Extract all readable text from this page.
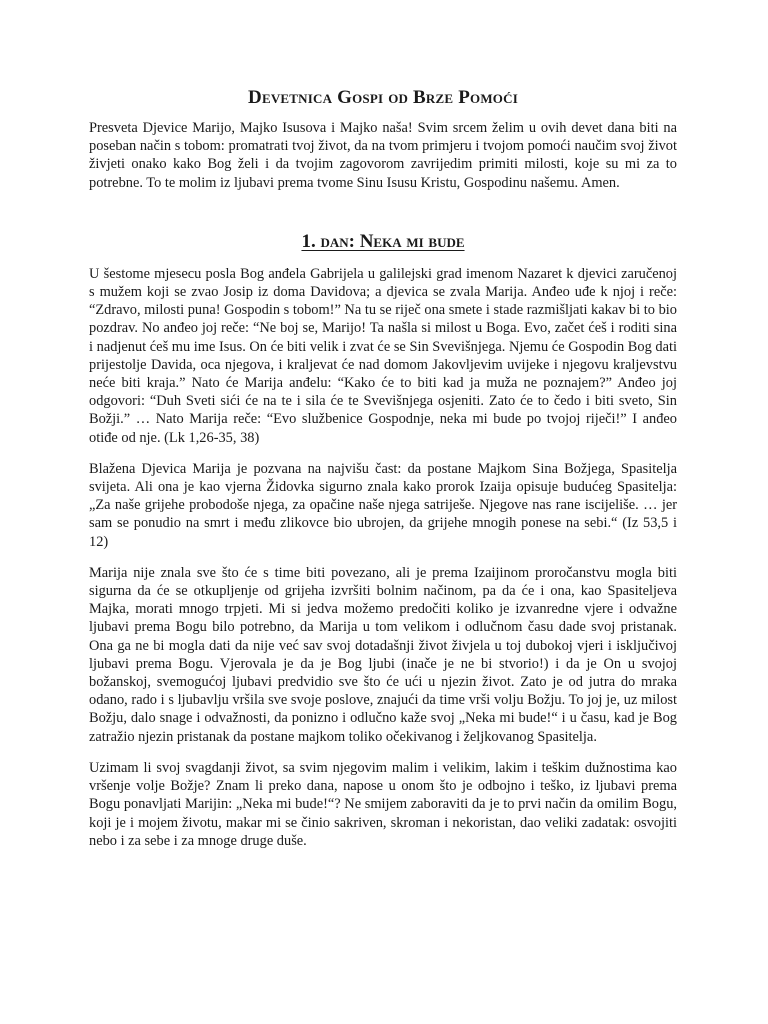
Devetnica Gospi od Brze Pomoći

Presveta Djevice Marijo, Majko Isusova i Majko naša! Svim srcem želim u ovih devet dana biti na poseban način s tobom: promatrati tvoj život, da na tvom primjeru i tvojom pomoći naučim svoj život živjeti onako kako Bog želi i da tvojim zagovorom zavrijedim primiti milosti, koje su mi za to potrebne. To te molim iz ljubavi prema tvome Sinu Isusu Kristu, Gospodinu našemu. Amen.

1. dan: Neka mi bude

U šestome mjesecu posla Bog anđela Gabrijela u galilejski grad imenom Nazaret k djevici zaručenoj s mužem koji se zvao Josip iz doma Davidova; a djevica se zvala Marija. Anđeo uđe k njoj i reče: “Zdravo, milosti puna! Gospodin s tobom!” Na tu se riječ ona smete i stade razmišljati kakav bi to bio pozdrav. No anđeo joj reče: “Ne boj se, Marijo! Ta našla si milost u Boga. Evo, začet ćeš i roditi sina i nadjenut ćeš mu ime Isus. On će biti velik i zvat će se Sin Svevišnjega. Njemu će Gospodin Bog dati prijestolje Davida, oca njegova, i kraljevat će nad domom Jakovljevim uvijeke i njegovu kraljevstvu neće biti kraja.” Nato će Marija anđelu: “Kako će to biti kad ja muža ne poznajem?” Anđeo joj odgovori: “Duh Sveti sići će na te i sila će te Svevišnjega osjeniti. Zato će to čedo i biti sveto, Sin Božji.” … Nato Marija reče: “Evo službenice Gospodnje, neka mi bude po tvojoj riječi!” I anđeo otiđe od nje. (Lk 1,26-35, 38)

Blažena Djevica Marija je pozvana na najvišu čast: da postane Majkom Sina Božjega, Spasitelja svijeta. Ali ona je kao vjerna Židovka sigurno znala kako prorok Izaija opisuje budućeg Spasitelja: „Za naše grijehe probodoše njega, za opačine naše njega satriješe. Njegove nas rane iscijeliše. … jer sam se ponudio na smrt i među zlikovce bio ubrojen, da grijehe mnogih ponese na sebi.“ (Iz 53,5 i 12)

Marija nije znala sve što će s time biti povezano, ali je prema Izaijinom proročanstvu mogla biti sigurna da će se otkupljenje od grijeha izvršiti bolnim načinom, pa da će i ona, kao Spasiteljeva Majka, morati mnogo trpjeti. Mi si jedva možemo predočiti koliko je izvanredne vjere i odvažne ljubavi prema Bogu bilo potrebno, da Marija u tom velikom i odlučnom času dade svoj pristanak. Ona ga ne bi mogla dati da nije već sav svoj dotadašnji život živjela u toj dubokoj vjeri i isključivoj ljubavi prema Bogu. Vjerovala je da je Bog ljubi (inače je ne bi stvorio!) i da je On u svojoj božanskoj, svemogućoj ljubavi predvidio sve što će ući u njezin život. Zato je od jutra do mraka odano, rado i s ljubavlju vršila sve svoje poslove, znajući da time vrši volju Božju. To joj je, uz milost Božju, dalo snage i odvažnosti, da ponizno i odlučno kaže svoj „Neka mi bude!“ i u času, kad je Bog zatražio njezin pristanak da postane majkom toliko očekivanog i željkovanog Spasitelja.

Uzimam li svoj svagdanji život, sa svim njegovim malim i velikim, lakim i teškim dužnostima kao vršenje volje Božje? Znam li preko dana, napose u onom što je odbojno i teško, iz ljubavi prema Bogu ponavljati Marijin: „Neka mi bude!“? Ne smijem zaboraviti da je to prvi način da omilim Bogu, koji je i mojem životu, makar mi se činio sakriven, skroman i nekoristan, dao veliki zadatak: osvojiti nebo i za sebe i za mnoge druge duše.
